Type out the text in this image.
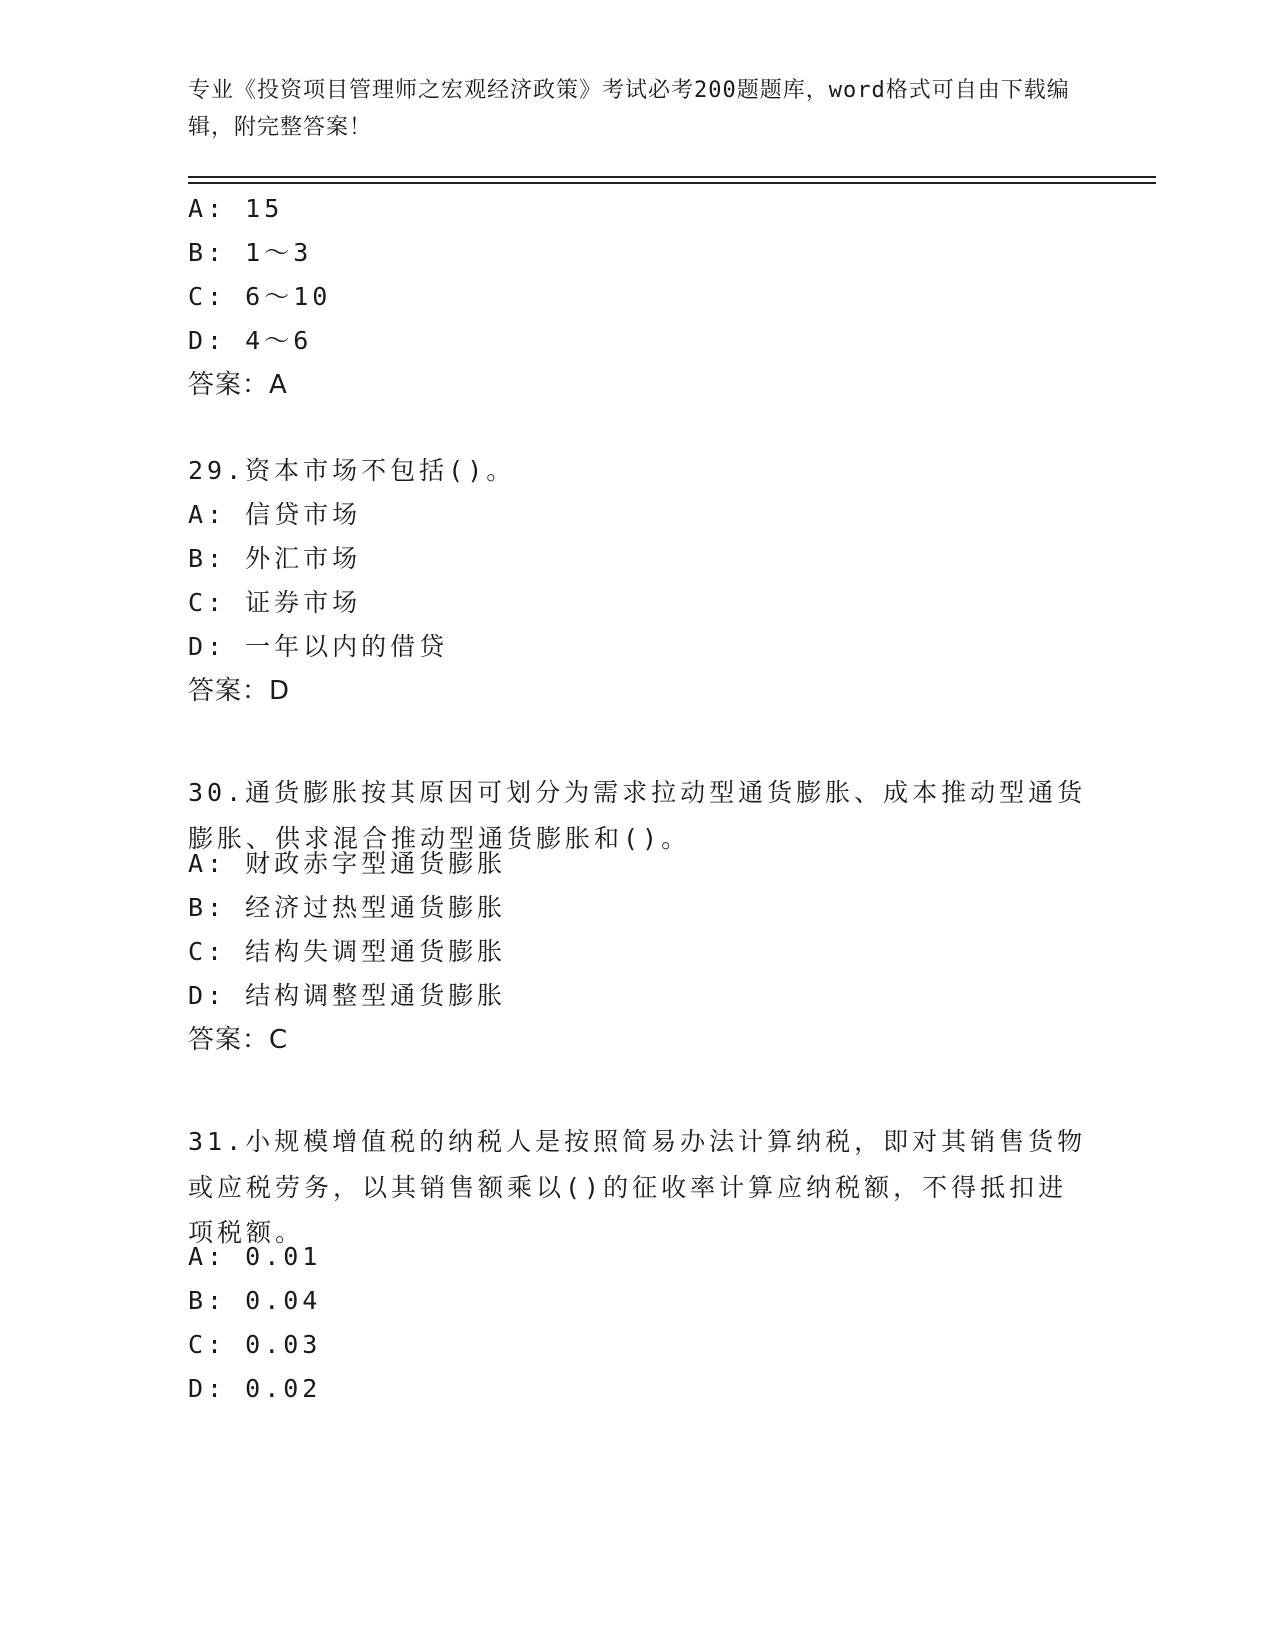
专业《投资项目管理师之宏观经济政策》考试必考200题题库，word格式可自由下载编辑，附完整答案！
A: 15
B: 1～3
C: 6～10
D: 4～6
答案：A
29.资本市场不包括()。
A: 信贷市场
B: 外汇市场
C: 证券市场
D: 一年以内的借贷
答案：D
30.通货膨胀按其原因可划分为需求拉动型通货膨胀、成本推动型通货膨胀、供求混合推动型通货膨胀和()。
A: 财政赤字型通货膨胀
B: 经济过热型通货膨胀
C: 结构失调型通货膨胀
D: 结构调整型通货膨胀
答案：C
31.小规模增值税的纳税人是按照简易办法计算纳税，即对其销售货物或应税劳务，以其销售额乘以()的征收率计算应纳税额，不得抵扣进项税额。
A: 0.01
B: 0.04
C: 0.03
D: 0.02
